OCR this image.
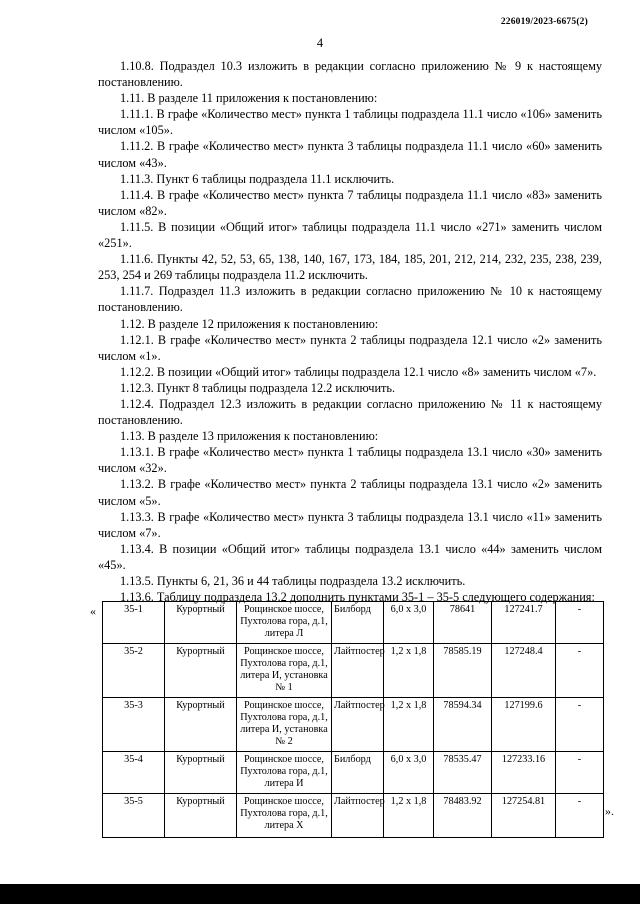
226019/2023-6675(2)
4

1.10.8. Подраздел 10.3 изложить в редакции согласно приложению № 9 к настоящему постановлению.

1.11. В разделе 11 приложения к постановлению:

1.11.1. В графе «Количество мест» пункта 1 таблицы подраздела 11.1 число «106» заменить числом «105».

1.11.2. В графе «Количество мест» пункта 3 таблицы подраздела 11.1 число «60» заменить числом «43».

1.11.3. Пункт 6 таблицы подраздела 11.1 исключить.

1.11.4. В графе «Количество мест» пункта 7 таблицы подраздела 11.1 число «83» заменить числом «82».

1.11.5. В позиции «Общий итог» таблицы подраздела 11.1 число «271» заменить числом «251».

1.11.6. Пункты 42, 52, 53, 65, 138, 140, 167, 173, 184, 185, 201, 212, 214, 232, 235, 238, 239, 253, 254 и 269 таблицы подраздела 11.2 исключить.

1.11.7. Подраздел 11.3 изложить в редакции согласно приложению № 10 к настоящему постановлению.

1.12. В разделе 12 приложения к постановлению:

1.12.1. В графе «Количество мест» пункта 2 таблицы подраздела 12.1 число «2» заменить числом «1».

1.12.2. В позиции «Общий итог» таблицы подраздела 12.1 число «8» заменить числом «7».

1.12.3. Пункт 8 таблицы подраздела 12.2 исключить.

1.12.4. Подраздел 12.3 изложить в редакции согласно приложению № 11 к настоящему постановлению.

1.13. В разделе 13 приложения к постановлению:

1.13.1. В графе «Количество мест» пункта 1 таблицы подраздела 13.1 число «30» заменить числом «32».

1.13.2. В графе «Количество мест» пункта 2 таблицы подраздела 13.1 число «2» заменить числом «5».

1.13.3. В графе «Количество мест» пункта 3 таблицы подраздела 13.1 число «11» заменить числом «7».

1.13.4. В позиции «Общий итог» таблицы подраздела 13.1 число «44» заменить числом «45».

1.13.5. Пункты 6, 21, 36 и 44 таблицы подраздела 13.2 исключить.

1.13.6. Таблицу подраздела 13.2 дополнить пунктами 35-1 – 35-5 следующего содержания:

«	35-1	Курортный	Рощинское шоссе, Пухтолова гора, д.1, литера Л	Билборд	6,0 x 3,0	78641	127241.7	-
35-2	Курортный	Рощинское шоссе, Пухтолова гора, д.1, литера И, установка № 1	Лайтпостер	1,2 x 1,8	78585.19	127248.4	-
35-3	Курортный	Рощинское шоссе, Пухтолова гора, д.1, литера И, установка № 2	Лайтпостер	1,2 x 1,8	78594.34	127199.6	-
35-4	Курортный	Рощинское шоссе, Пухтолова гора, д.1, литера И	Билборд	6,0 x 3,0	78535.47	127233.16	-
35-5	Курортный	Рощинское шоссе, Пухтолова гора, д.1, литера Х	Лайтпостер	1,2 x 1,8	78483.92	127254.81	-
».
